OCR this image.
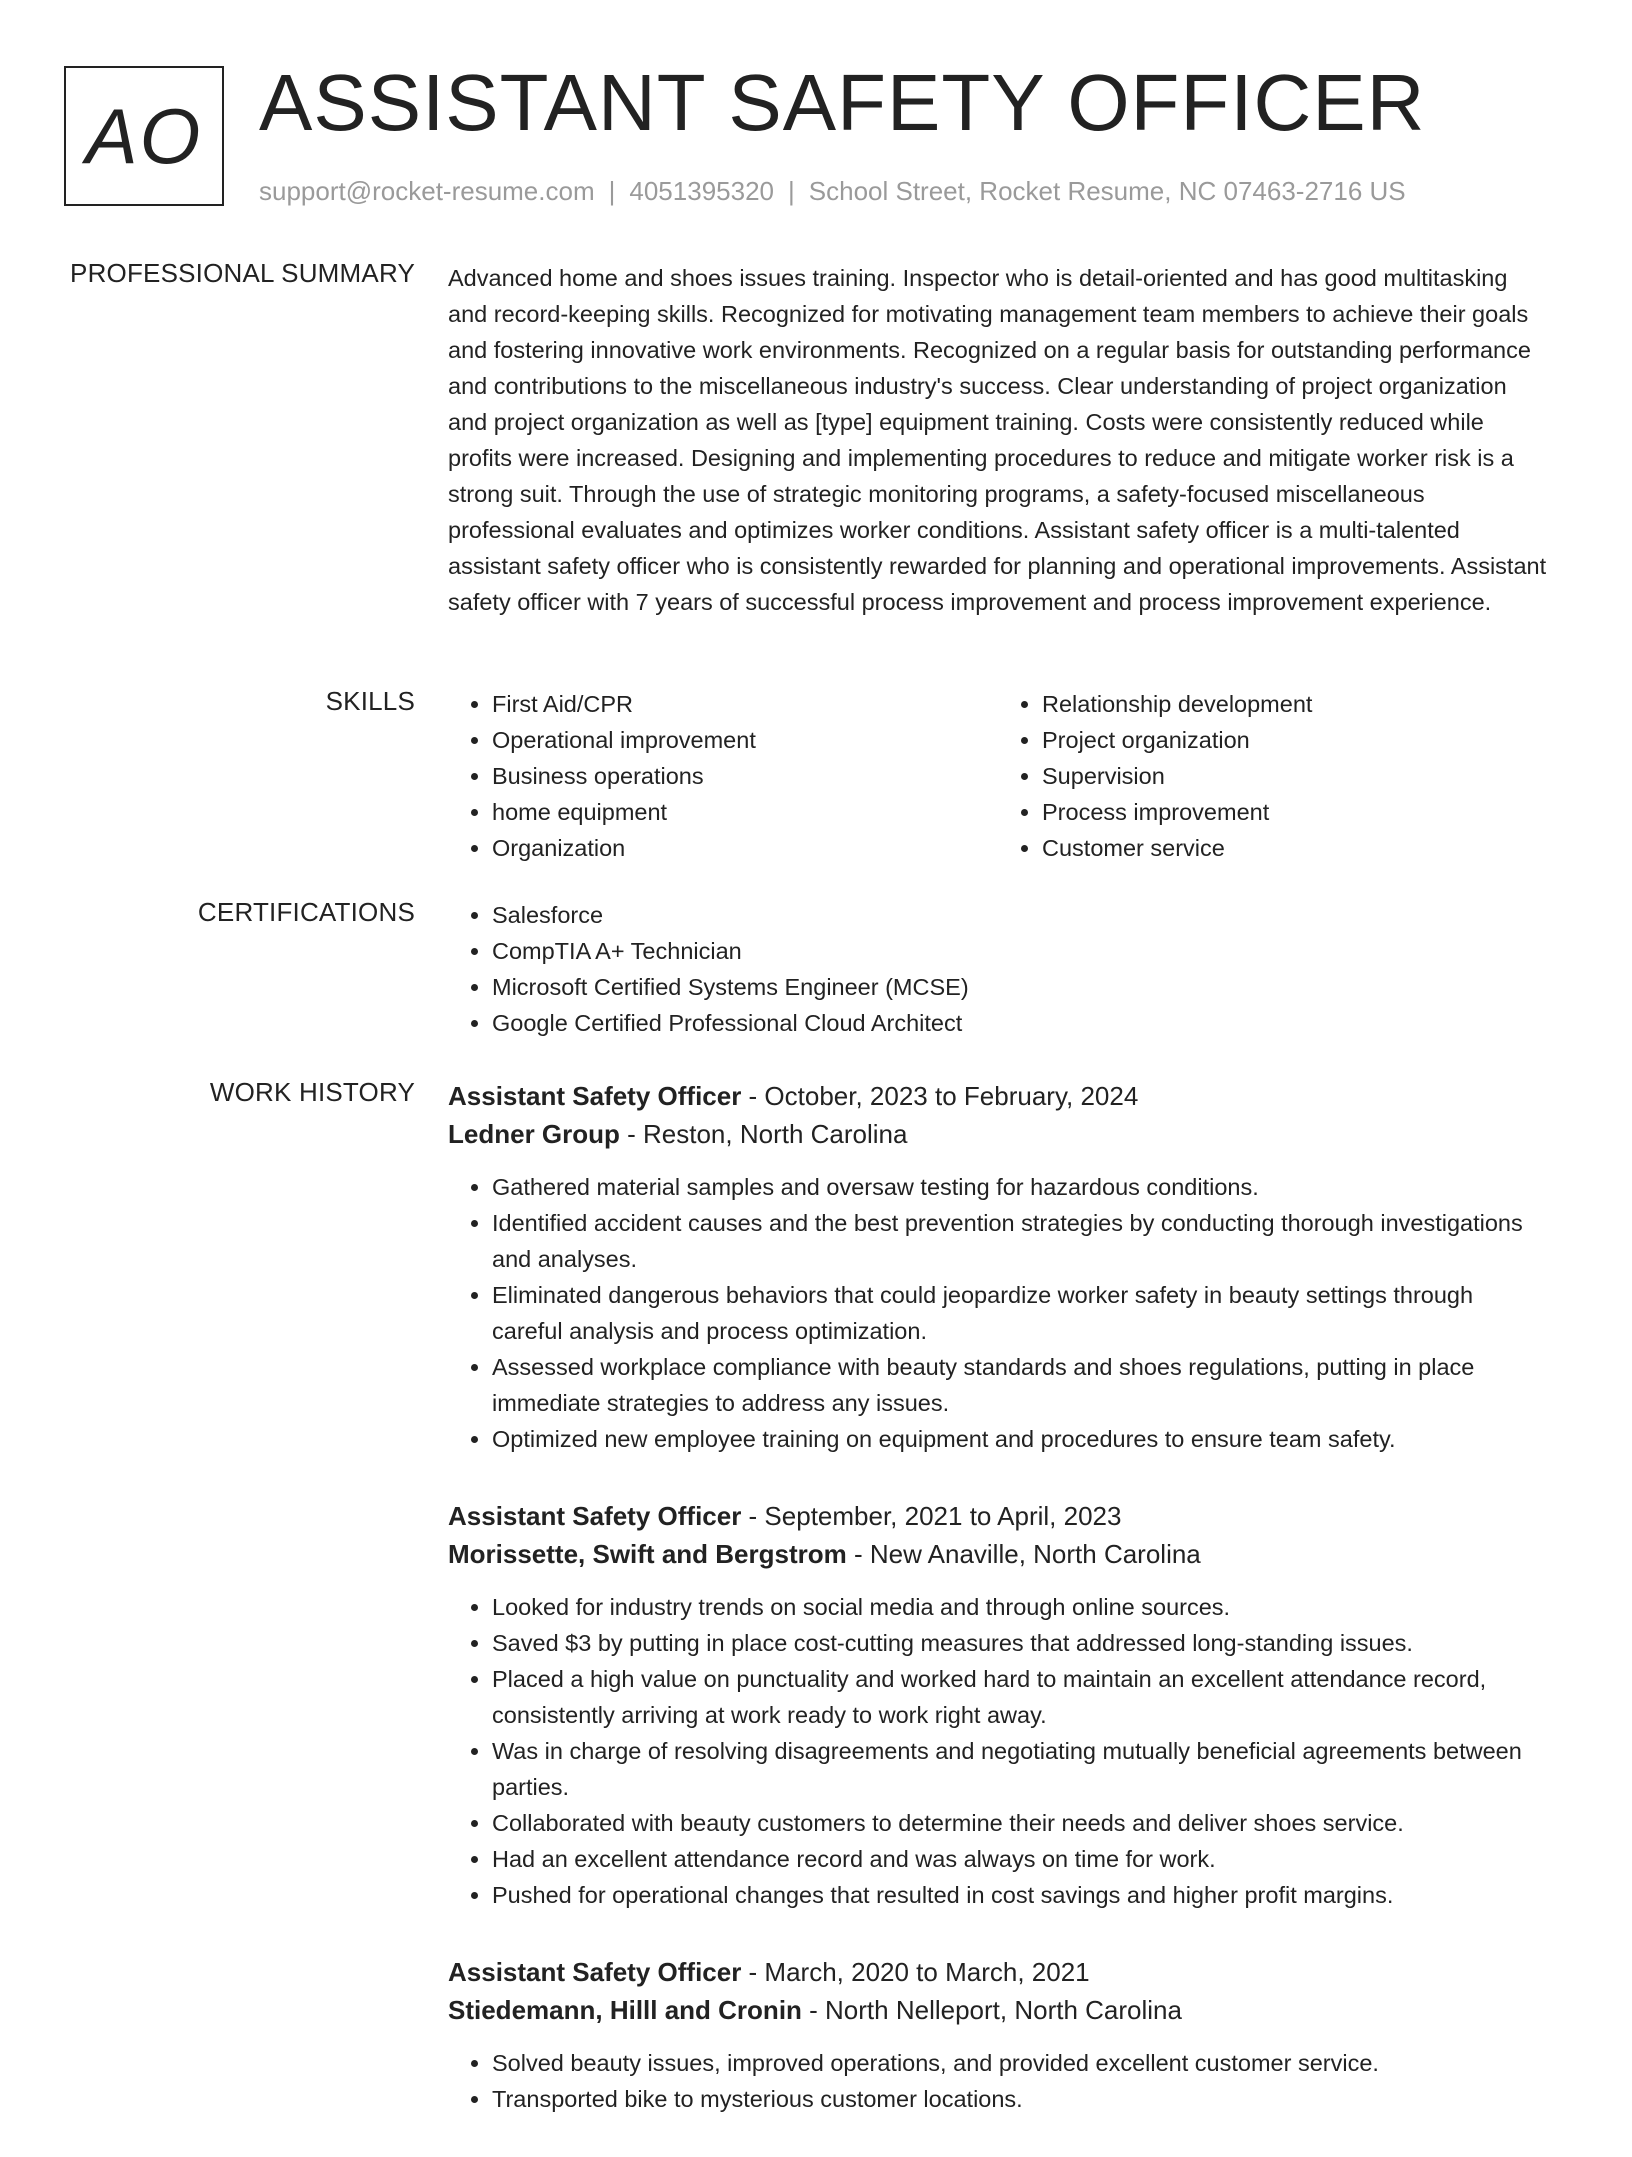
AO ASSISTANT SAFETY OFFICER
support@rocket-resume.com | 4051395320 | School Street, Rocket Resume, NC 07463-2716 US
PROFESSIONAL SUMMARY Advanced home and shoes issues training. Inspector who is detail-oriented and has good multitasking and record-keeping skills. Recognized for motivating management team members to achieve their goals and fostering innovative work environments. Recognized on a regular basis for outstanding performance and contributions to the miscellaneous industry's success. Clear understanding of project organization and project organization as well as [type] equipment training. Costs were consistently reduced while profits were increased. Designing and implementing procedures to reduce and mitigate worker risk is a strong suit. Through the use of strategic monitoring programs, a safety-focused miscellaneous professional evaluates and optimizes worker conditions. Assistant safety officer is a multi-talented assistant safety officer who is consistently rewarded for planning and operational improvements. Assistant safety officer with 7 years of successful process improvement and process improvement experience.
SKILLS	• First Aid/CPR
• Operational improvement
• Business operations
• home equipment
• Organization
• Relationship development
• Project organization
• Supervision
• Process improvement
• Customer service
CERTIFICATIONS	• Salesforce
• CompTIA A+ Technician
• Microsoft Certified Systems Engineer (MCSE)
• Google Certified Professional Cloud Architect
WORK HISTORY Assistant Safety Officer - October, 2023 to February, 2024
Ledner Group - Reston, North Carolina
• Gathered material samples and oversaw testing for hazardous conditions.
• Identified accident causes and the best prevention strategies by conducting thorough investigations and analyses.
• Eliminated dangerous behaviors that could jeopardize worker safety in beauty settings through careful analysis and process optimization.
• Assessed workplace compliance with beauty standards and shoes regulations, putting in place immediate strategies to address any issues.
• Optimized new employee training on equipment and procedures to ensure team safety.
Assistant Safety Officer - September, 2021 to April, 2023
Morissette, Swift and Bergstrom - New Anaville, North Carolina
• Looked for industry trends on social media and through online sources.
• Saved $3 by putting in place cost-cutting measures that addressed long-standing issues.
• Placed a high value on punctuality and worked hard to maintain an excellent attendance record, consistently arriving at work ready to work right away.
• Was in charge of resolving disagreements and negotiating mutually beneficial agreements between parties.
• Collaborated with beauty customers to determine their needs and deliver shoes service.
• Had an excellent attendance record and was always on time for work.
• Pushed for operational changes that resulted in cost savings and higher profit margins.
Assistant Safety Officer - March, 2020 to March, 2021
Stiedemann, Hilll and Cronin - North Nelleport, North Carolina
• Solved beauty issues, improved operations, and provided excellent customer service.
• Transported bike to mysterious customer locations.
